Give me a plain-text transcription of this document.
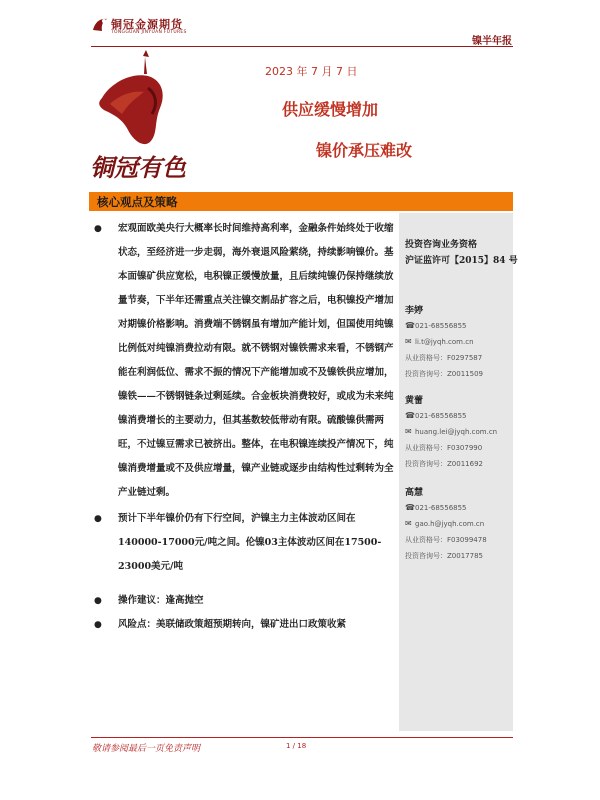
铜冠金源期货
TONGGUAN JINYUAN FUTURES
镍半年报
铜冠有色
2023 年 7 月 7 日
供应缓慢增加
镍价承压难改
核心观点及策略
● 宏观面欧美央行大概率长时间维持高利率，金融条件始终处于收缩状态，至经济进一步走弱，海外衰退风险萦绕，持续影响镍价。基本面镍矿供应宽松，电积镍正缓慢放量，且后续纯镍仍保持继续放量节奏，下半年还需重点关注镍交割品扩容之后，电积镍投产增加对期镍价格影响。消费端不锈钢虽有增加产能计划，但国使用纯镍比例低对纯镍消费拉动有限。就不锈钢对镍铁需求来看，不锈钢产能在利润低位、需求不振的情况下产能增加或不及镍铁供应增加，镍铁——不锈钢链条过剩延续。合金板块消费较好，或成为未来纯镍消费增长的主要动力，但其基数较低带动有限。硫酸镍供需两旺，不过镍豆需求已被挤出。整体，在电积镍连续投产情况下，纯镍消费增量或不及供应增量，镍产业链或逐步由结构性过剩转为全产业链过剩。
● 预计下半年镍价仍有下行空间，沪镍主力主体波动区间在140000-17000元/吨之间。伦镍03主体波动区间在17500-23000美元/吨
● 操作建议：逢高抛空
● 风险点：美联储政策超预期转向，镍矿进出口政策收紧
投资咨询业务资格
沪证监许可【2015】84 号
李婷
☎021-68556855
✉ li.t@jyqh.com.cn
从业资格号：F0297587
投资咨询号：Z0011509
黄蕾
☎021-68556855
✉ huang.lei@jyqh.com.cn
从业资格号：F0307990
投资咨询号：Z0011692
高慧
☎021-68556855
✉ gao.h@jyqh.com.cn
从业资格号：F03099478
投资咨询号：Z0017785
敬请参阅最后一页免责声明	1 / 18
